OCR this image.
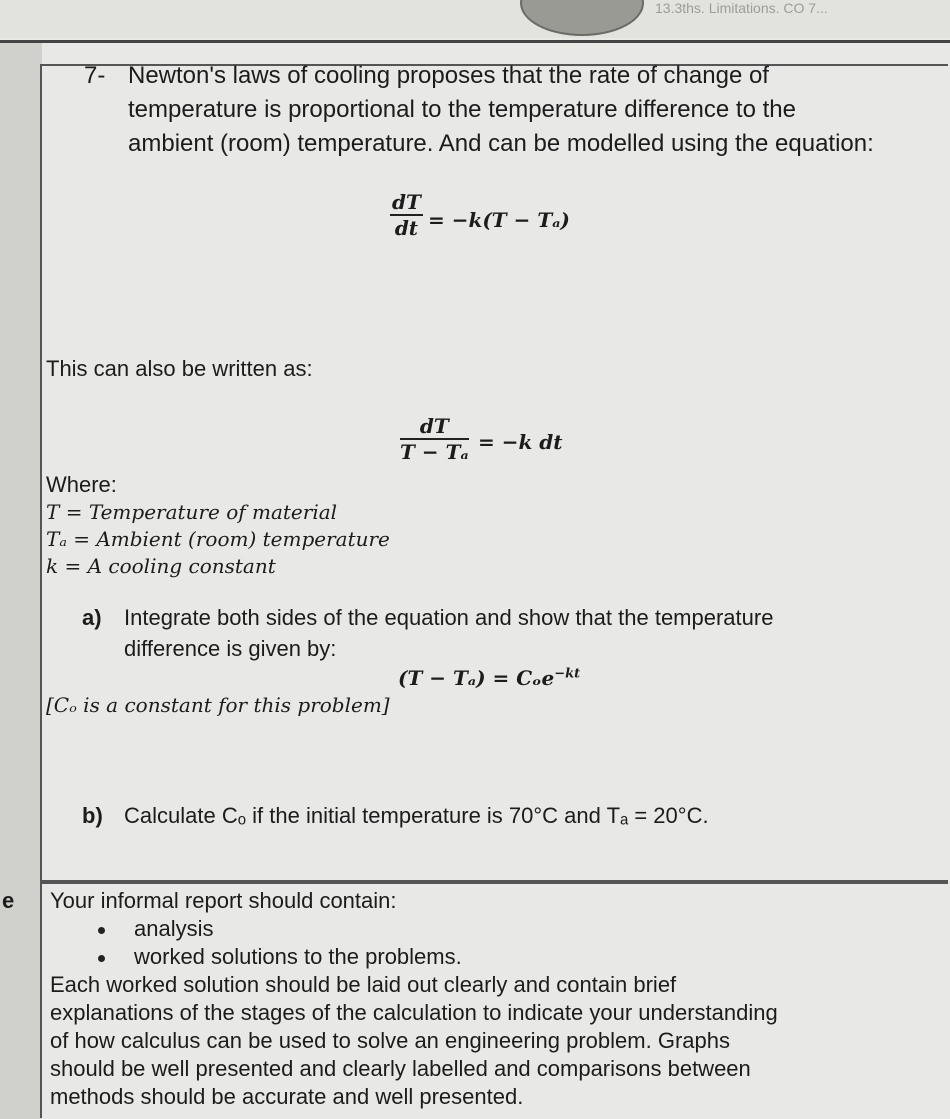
13.3ths. Limitations. CO 7...
e
7- Newton's laws of cooling proposes that the rate of change of
temperature is proportional to the temperature difference to the
ambient (room) temperature. And can be modelled using the equation:
$\frac{dT}{dt} = -k(T - T_a)$
This can also be written as:
$\frac{dT}{\text{T − Tₐ}} = -k$ dt
Where:
T = Temperature of material
Tₐ = Ambient (room) temperature
k = A cooling constant
a) Integrate both sides of the equation and show that the temperature
difference is given by:
(T − Tₐ) = Cₒe$^{-kt}$
[Cₒ is a constant for this problem]
b) Calculate Cₒ if the initial temperature is 70°C and Tₐ = 20°C.
Your informal report should contain:
analysis
worked solutions to the problems.
Each worked solution should be laid out clearly and contain brief
explanations of the stages of the calculation to indicate your understanding
of how calculus can be used to solve an engineering problem. Graphs
should be well presented and clearly labelled and comparisons between
methods should be accurate and well presented.
